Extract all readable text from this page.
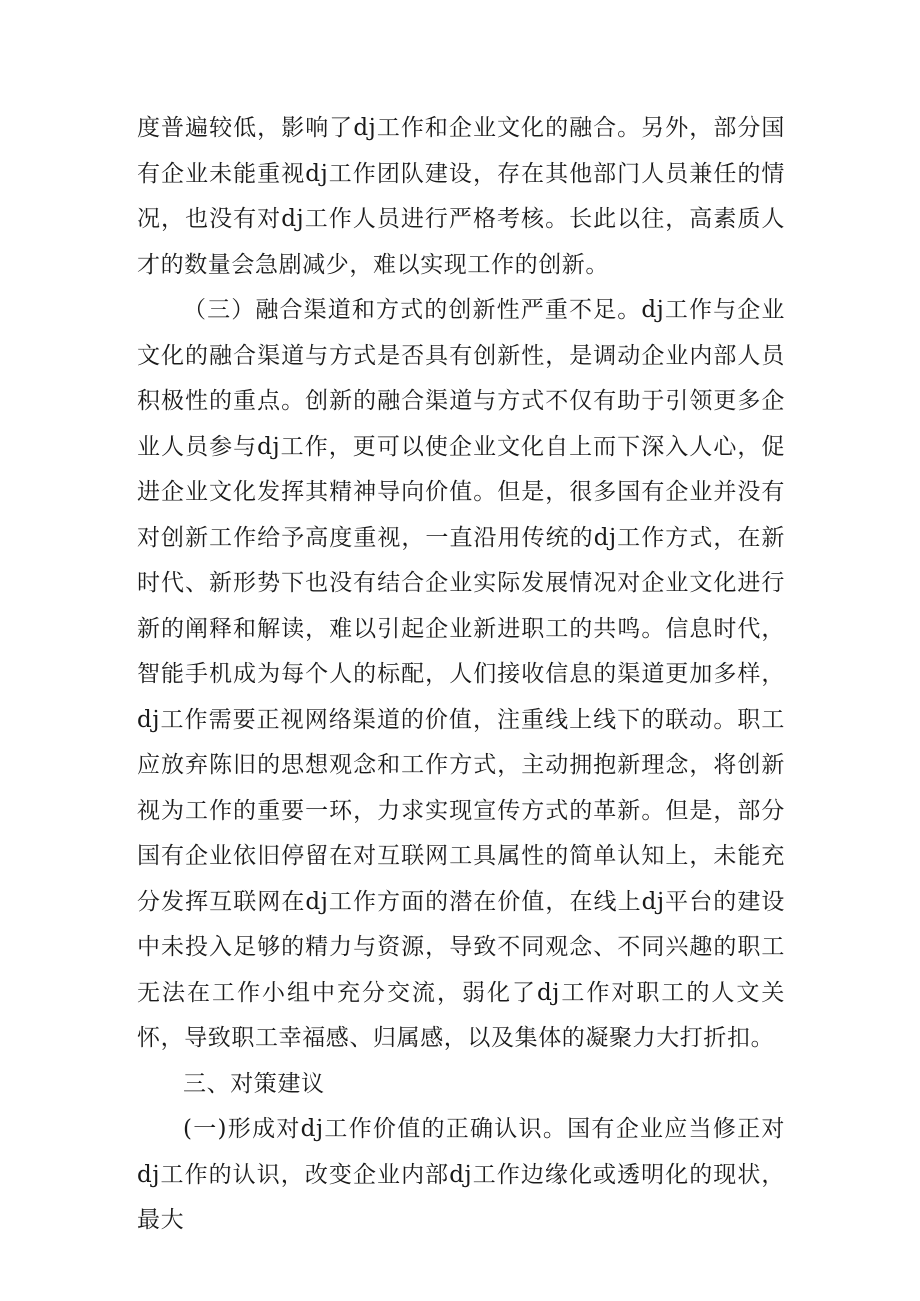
度普遍较低，影响了dj工作和企业文化的融合。另外，部分国有企业未能重视dj工作团队建设，存在其他部门人员兼任的情况，也没有对dj工作人员进行严格考核。长此以往，高素质人才的数量会急剧减少，难以实现工作的创新。

（三）融合渠道和方式的创新性严重不足。dj工作与企业文化的融合渠道与方式是否具有创新性，是调动企业内部人员积极性的重点。创新的融合渠道与方式不仅有助于引领更多企业人员参与dj工作，更可以使企业文化自上而下深入人心，促进企业文化发挥其精神导向价值。但是，很多国有企业并没有对创新工作给予高度重视，一直沿用传统的dj工作方式，在新时代、新形势下也没有结合企业实际发展情况对企业文化进行新的阐释和解读，难以引起企业新进职工的共鸣。信息时代，智能手机成为每个人的标配，人们接收信息的渠道更加多样，dj工作需要正视网络渠道的价值，注重线上线下的联动。职工应放弃陈旧的思想观念和工作方式，主动拥抱新理念，将创新视为工作的重要一环，力求实现宣传方式的革新。但是，部分国有企业依旧停留在对互联网工具属性的简单认知上，未能充分发挥互联网在dj工作方面的潜在价值，在线上dj平台的建设中未投入足够的精力与资源，导致不同观念、不同兴趣的职工无法在工作小组中充分交流，弱化了dj工作对职工的人文关怀，导致职工幸福感、归属感，以及集体的凝聚力大打折扣。

三、对策建议

(一)形成对dj工作价值的正确认识。国有企业应当修正对dj工作的认识，改变企业内部dj工作边缘化或透明化的现状，最大
